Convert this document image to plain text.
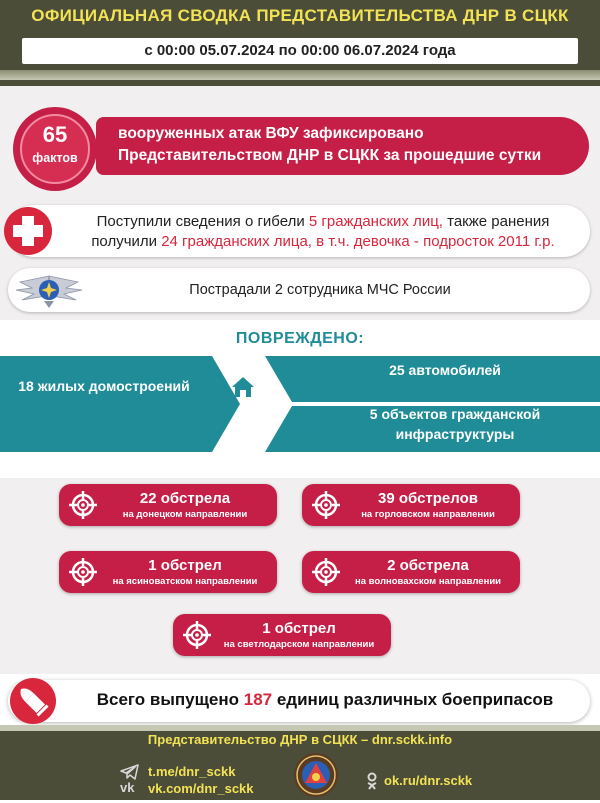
ОФИЦИАЛЬНАЯ СВОДКА ПРЕДСТАВИТЕЛЬСТВА ДНР В СЦКК
с 00:00 05.07.2024 по 00:00 06.07.2024 года
вооруженных атак ВФУ зафиксировано
Представительством ДНР в СЦКК за прошедшие сутки
65
фактов
Поступили сведения о гибели 5 гражданских лиц, также ранения
получили 24 гражданских лица, в т.ч. девочка - подросток 2011 г.р.
Пострадали 2 сотрудника МЧС России
ПОВРЕЖДЕНО:
18 жилых домостроений
25 автомобилей
5 объектов гражданской
инфраструктуры
22 обстрела
на донецком направлении
39 обстрелов
на горловском направлении
1 обстрел
на ясиноватском направлении
2 обстрела
на волновахском направлении
1 обстрел
на светлодарском направлении
Всего выпущено 187 единиц различных боеприпасов
Представительство ДНР в СЦКК – dnr.sckk.info
t.me/dnr_sckk
vk vk.com/dnr_sckk
ok.ru/dnr.sckk
